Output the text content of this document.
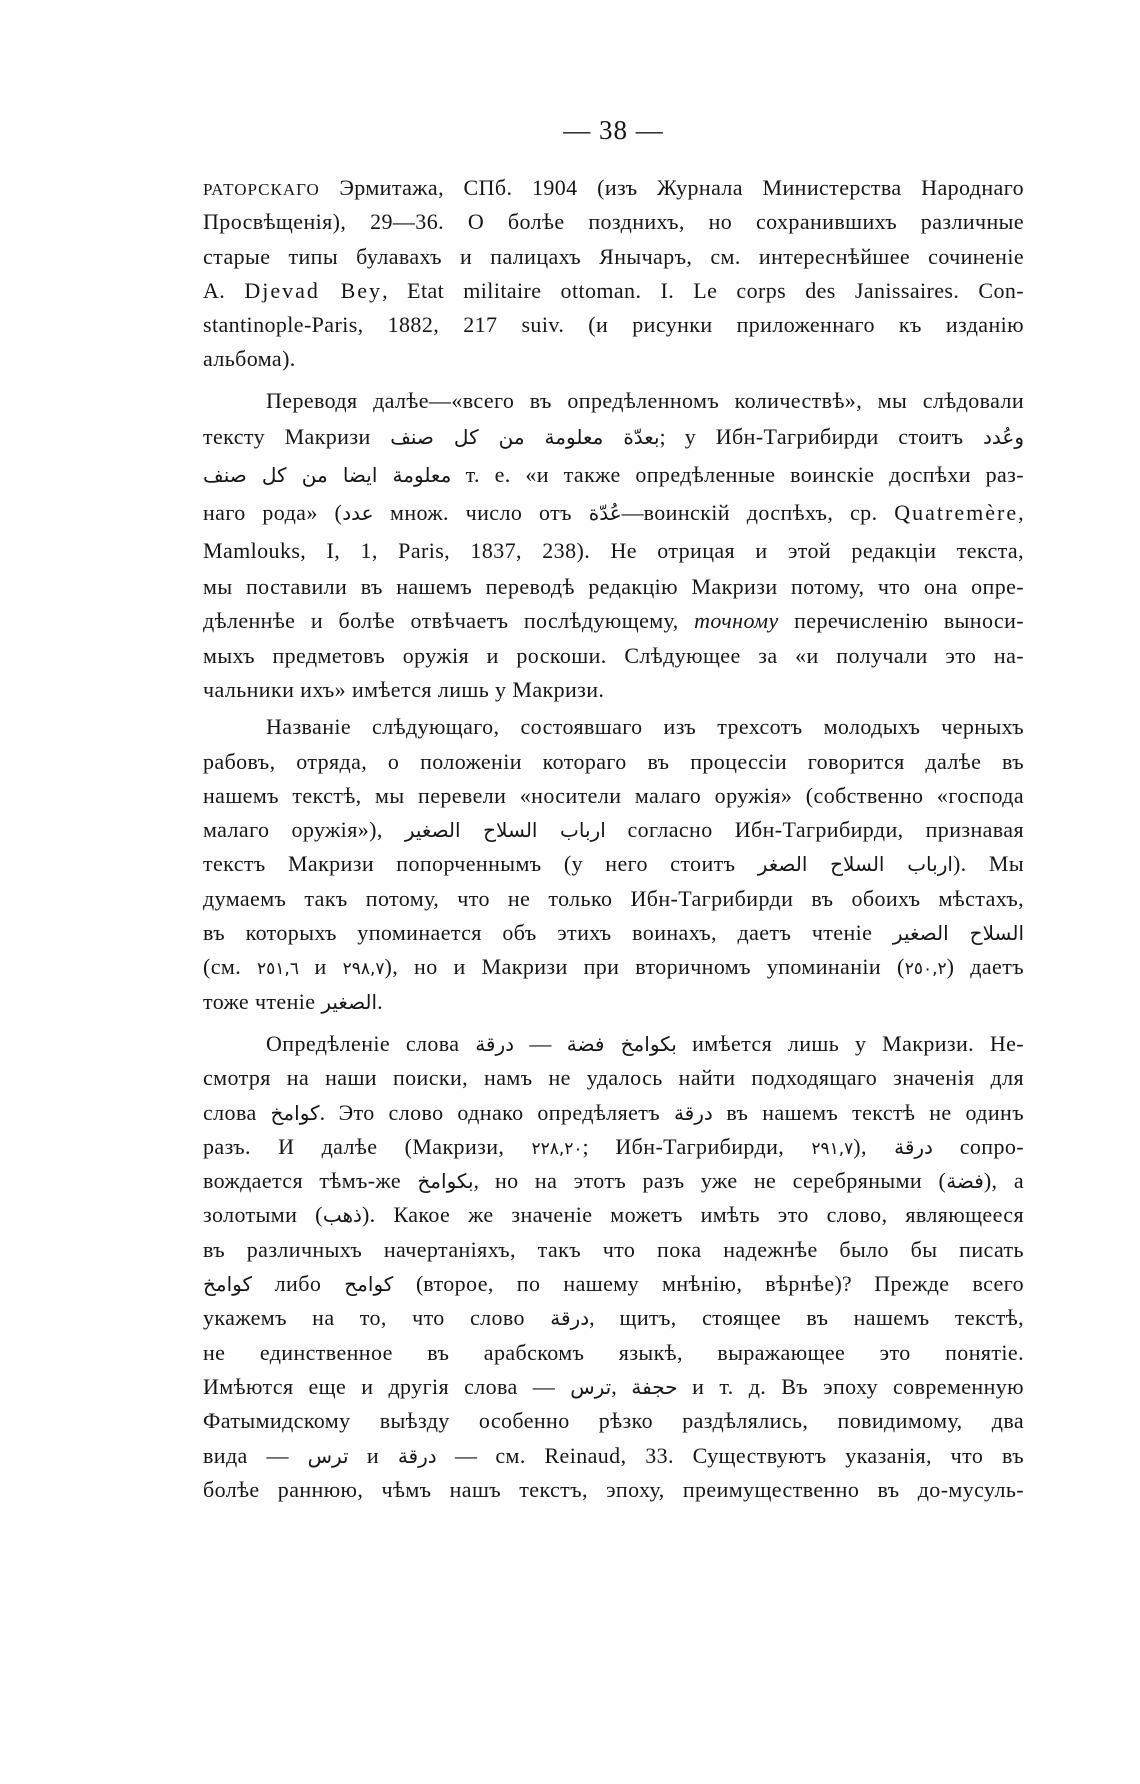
— 38 —
РАТОРСКАГО Эрмитажа, СПб. 1904 (изъ Журнала Министерства Народнаго
Просвѣщенія), 29—36. О болѣе позднихъ, но сохранившихъ различные
старые типы булавахъ и палицахъ Янычаръ, см. интереснѣйшее сочиненіе
A. Djevad Bey, Etat militaire ottoman. I. Le corps des Janissaires. Con-
stantinople-Paris, 1882, 217 suiv. (и рисунки приложеннаго къ изданію
альбома).
Переводя далѣе—«всего въ опредѣленномъ количествѣ», мы слѣдовали
тексту Макризи بعدّة معلومة من كل صنف; у Ибн-Тагрибирди стоитъ وعُدد
معلومة ايضا من كل صنف т. е. «и также опредѣленные воинскіе доспѣхи раз-
наго рода» (عدد множ. число отъ عُدّة—воинскій доспѣхъ, ср. Quatremère,
Mamlouks, I, 1, Paris, 1837, 238). Не отрицая и этой редакціи текста,
мы поставили въ нашемъ переводѣ редакцію Макризи потому, что она опре-
дѣленнѣе и болѣе отвѣчаетъ послѣдующему, точному перечисленію выноси-
мыхъ предметовъ оружія и роскоши. Слѣдующее за «и получали это на-
чальники ихъ» имѣется лишь у Макризи.
Названіе слѣдующаго, состоявшаго изъ трехсотъ молодыхъ черныхъ
рабовъ, отряда, о положеніи котораго въ процессіи говорится далѣе въ
нашемъ текстѣ, мы перевели «носители малаго оружія» (собственно «господа
малаго оружія»), ارباب السلاح الصغير согласно Ибн-Тагрибирди, признавая
текстъ Макризи попорченнымъ (у него стоитъ ارباب السلاح الصغر). Мы
думаемъ такъ потому, что не только Ибн-Тагрибирди въ обоихъ мѣстахъ,
въ которыхъ упоминается объ этихъ воинахъ, даетъ чтеніе السلاح الصغير
(см. ٢٥١,٦ и ٢٩٨,٧), но и Макризи при вторичномъ упоминаніи (٢٥٠,٢) даетъ
тоже чтеніе الصغير.
Опредѣленіе слова درقة — بكوامخ فضة имѣется лишь у Макризи. Не-
смотря на наши поиски, намъ не удалось найти подходящаго значенія для
слова كوامخ. Это слово однако опредѣляетъ درقة въ нашемъ текстѣ не одинъ
разъ. И далѣе (Макризи, ٢٢٨,٢٠; Ибн-Тагрибирди, ٢٩١,٧), درقة сопро-
вождается тѣмъ-же بكوامخ, но на этотъ разъ уже не серебряными (فضة), а
золотыми (ذهب). Какое же значеніе можетъ имѣть это слово, являющееся
въ различныхъ начертаніяхъ, такъ что пока надежнѣе было бы писать
كوامخ либо كوامح (второе, по нашему мнѣнію, вѣрнѣе)? Прежде всего
укажемъ на то, что слово درقة, щитъ, стоящее въ нашемъ текстѣ,
не единственное въ арабскомъ языкѣ, выражающее это понятіе.
Имѣются еще и другія слова — ترس, حجفة и т. д. Въ эпоху современную
Фатымидскому выѣзду особенно рѣзко раздѣлялись, повидимому, два
вида — ترس и درقة — см. Reinaud, 33. Существуютъ указанія, что въ
болѣе раннюю, чѣмъ нашъ текстъ, эпоху, преимущественно въ до-мусуль-
